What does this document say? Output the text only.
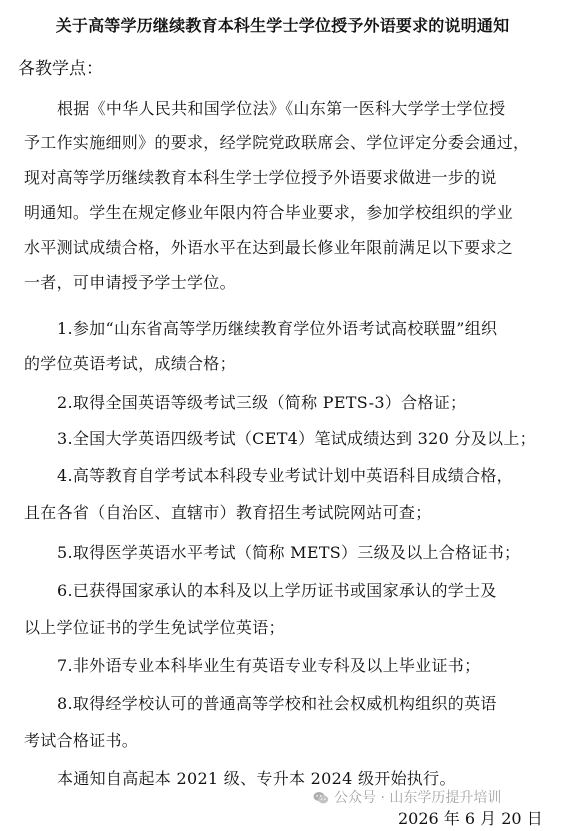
关于高等学历继续教育本科生学士学位授予外语要求的说明通知
各教学点：
根据《中华人民共和国学位法》《山东第一医科大学学士学位授
予工作实施细则》的要求，经学院党政联席会、学位评定分委会通过，
现对高等学历继续教育本科生学士学位授予外语要求做进一步的说
明通知。学生在规定修业年限内符合毕业要求，参加学校组织的学业
水平测试成绩合格，外语水平在达到最长修业年限前满足以下要求之
一者，可申请授予学士学位。
1.参加“山东省高等学历继续教育学位外语考试高校联盟”组织
的学位英语考试，成绩合格；
2.取得全国英语等级考试三级（简称 PETS-3）合格证；
3.全国大学英语四级考试（CET4）笔试成绩达到 320 分及以上；
4.高等教育自学考试本科段专业考试计划中英语科目成绩合格，
且在各省（自治区、直辖市）教育招生考试院网站可查；
5.取得医学英语水平考试（简称 METS）三级及以上合格证书；
6.已获得国家承认的本科及以上学历证书或国家承认的学士及
以上学位证书的学生免试学位英语；
7.非外语专业本科毕业生有英语专业专科及以上毕业证书；
8.取得经学校认可的普通高等学校和社会权威机构组织的英语
考试合格证书。
本通知自高起本 2021 级、专升本 2024 级开始执行。
公众号 · 山东学历提升培训
2026 年 6 月 20 日
